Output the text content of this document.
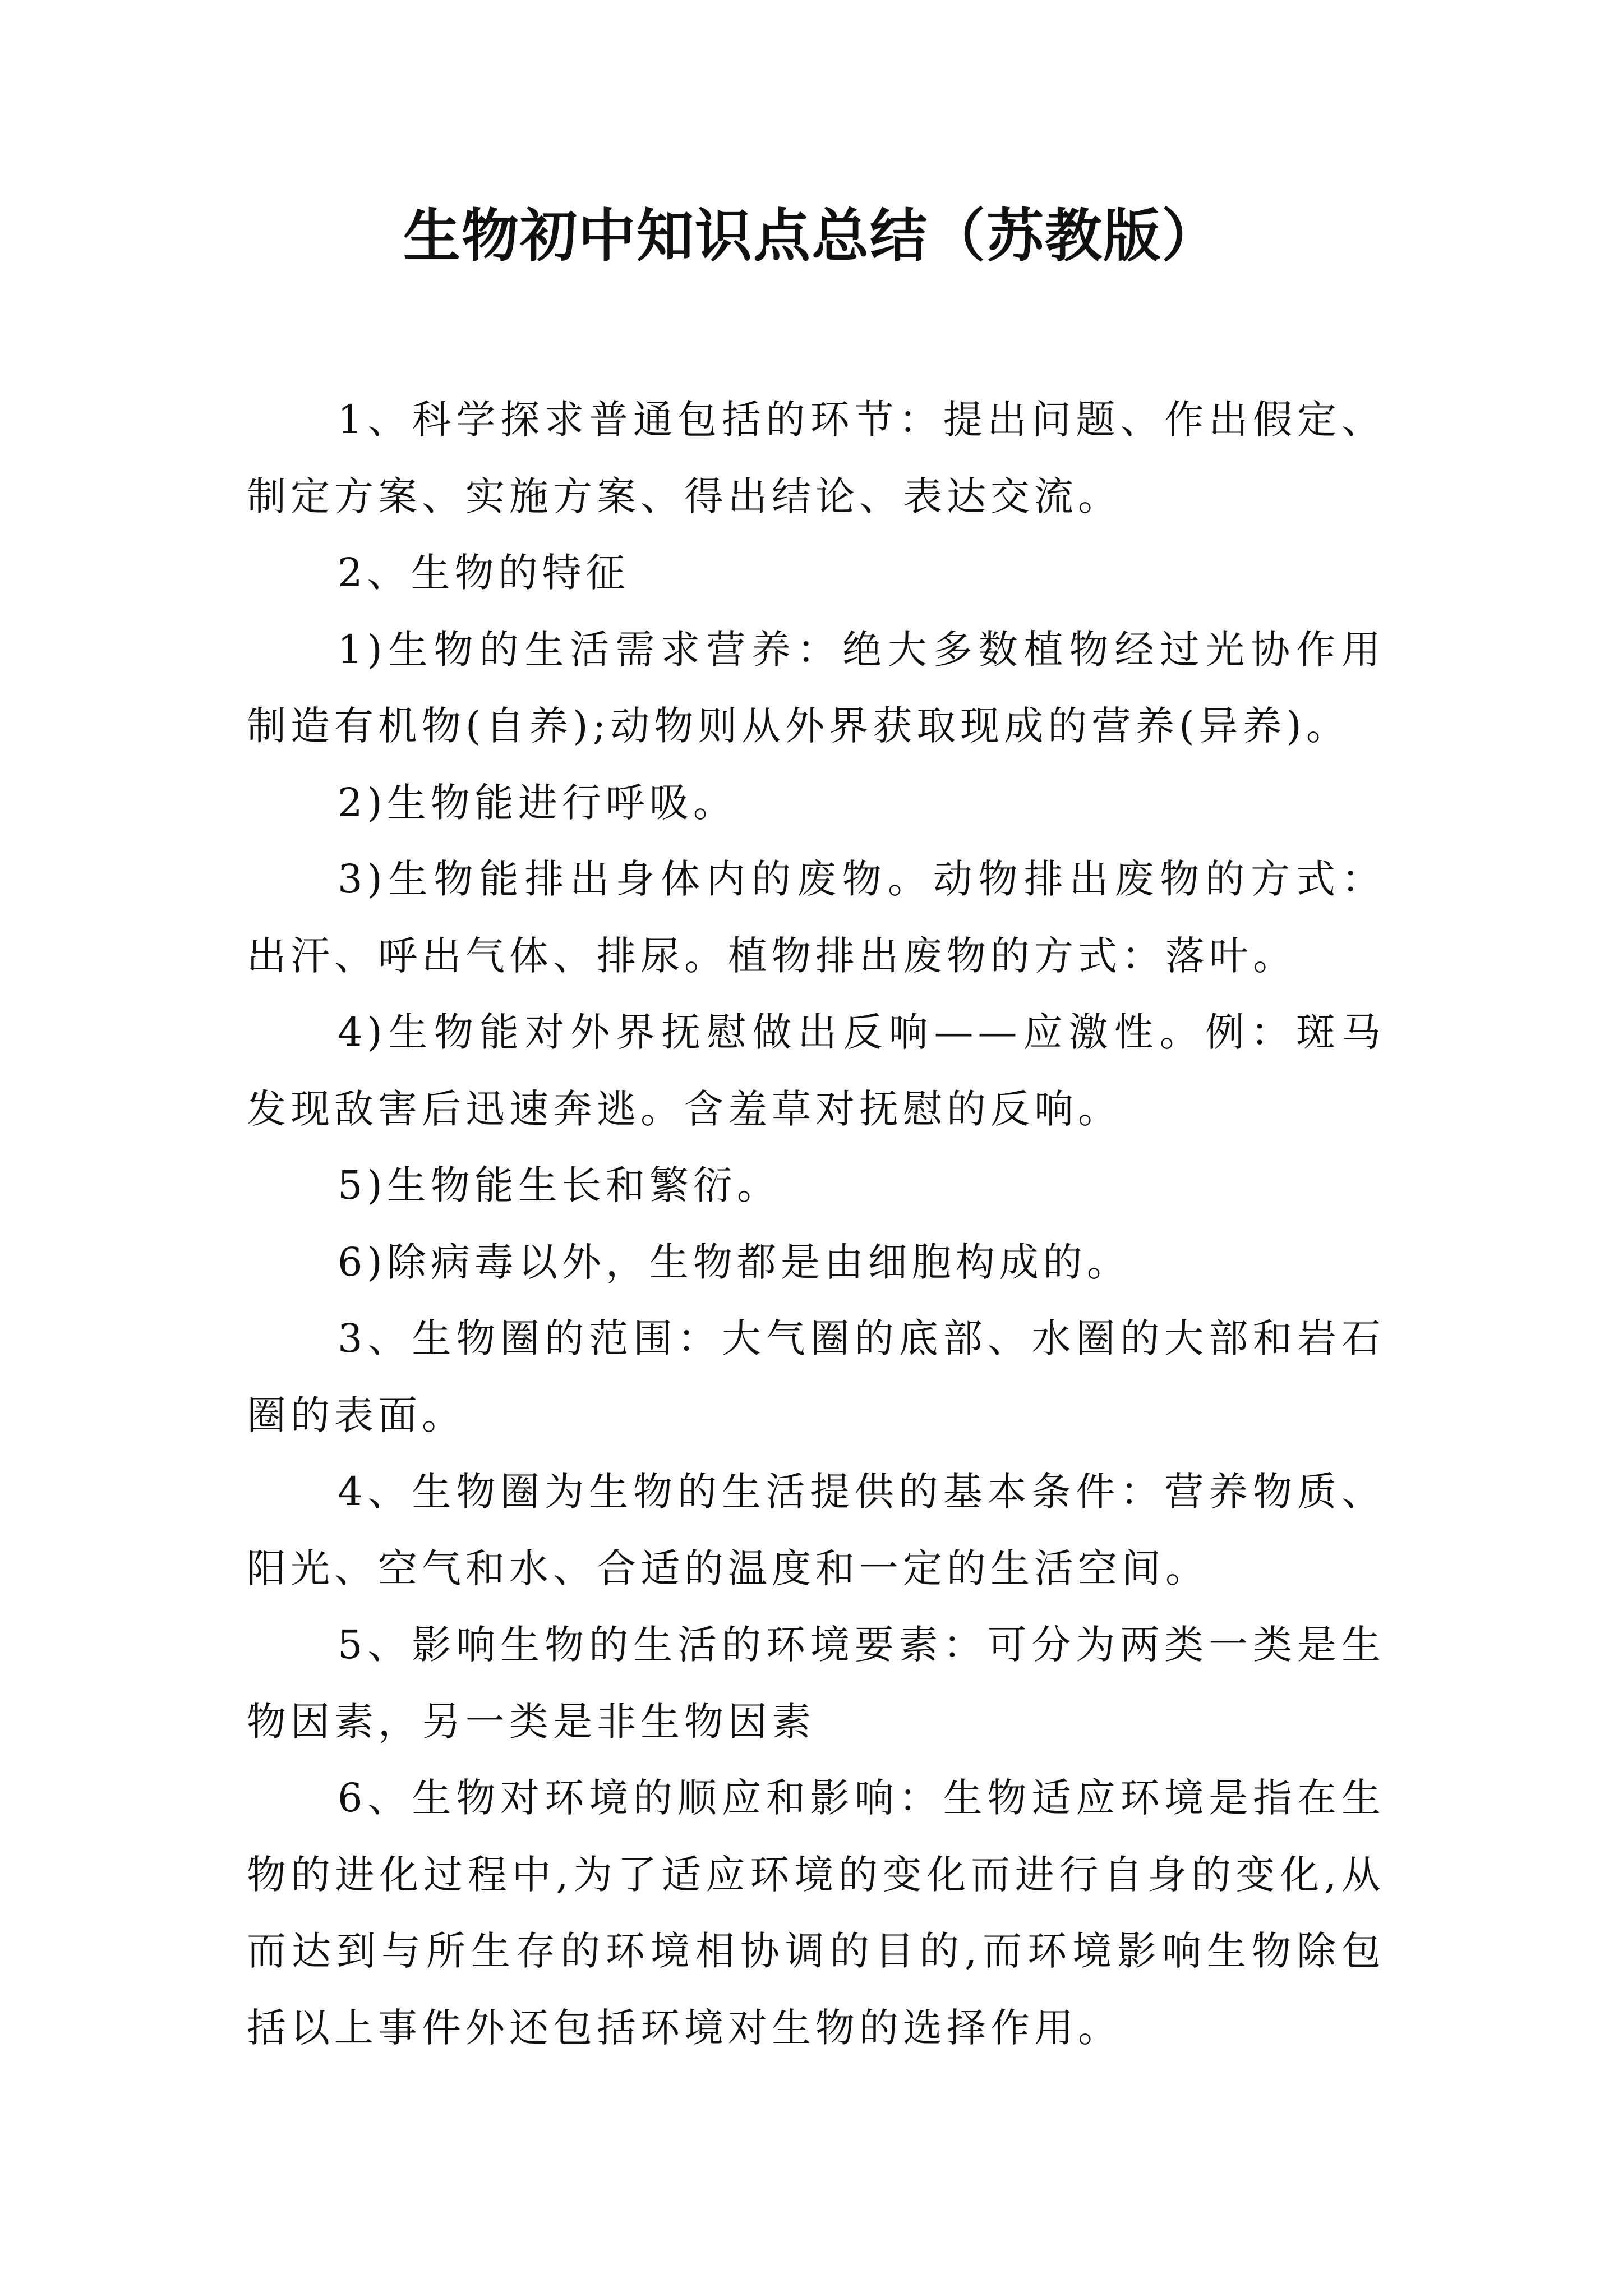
生物初中知识点总结（苏教版）

1、科学探求普通包括的环节：提出问题、作出假定、制定方案、实施方案、得出结论、表达交流。

2、生物的特征

1)生物的生活需求营养：绝大多数植物经过光协作用制造有机物(自养);动物则从外界获取现成的营养(异养)。

2)生物能进行呼吸。

3)生物能排出身体内的废物。动物排出废物的方式：出汗、呼出气体、排尿。植物排出废物的方式：落叶。

4)生物能对外界抚慰做出反响——应激性。例：斑马发现敌害后迅速奔逃。含羞草对抚慰的反响。

5)生物能生长和繁衍。

6)除病毒以外，生物都是由细胞构成的。

3、生物圈的范围：大气圈的底部、水圈的大部和岩石圈的表面。

4、生物圈为生物的生活提供的基本条件：营养物质、阳光、空气和水、合适的温度和一定的生活空间。

5、影响生物的生活的环境要素：可分为两类一类是生物因素，另一类是非生物因素

6、生物对环境的顺应和影响：生物适应环境是指在生物的进化过程中,为了适应环境的变化而进行自身的变化,从而达到与所生存的环境相协调的目的,而环境影响生物除包括以上事件外还包括环境对生物的选择作用。
